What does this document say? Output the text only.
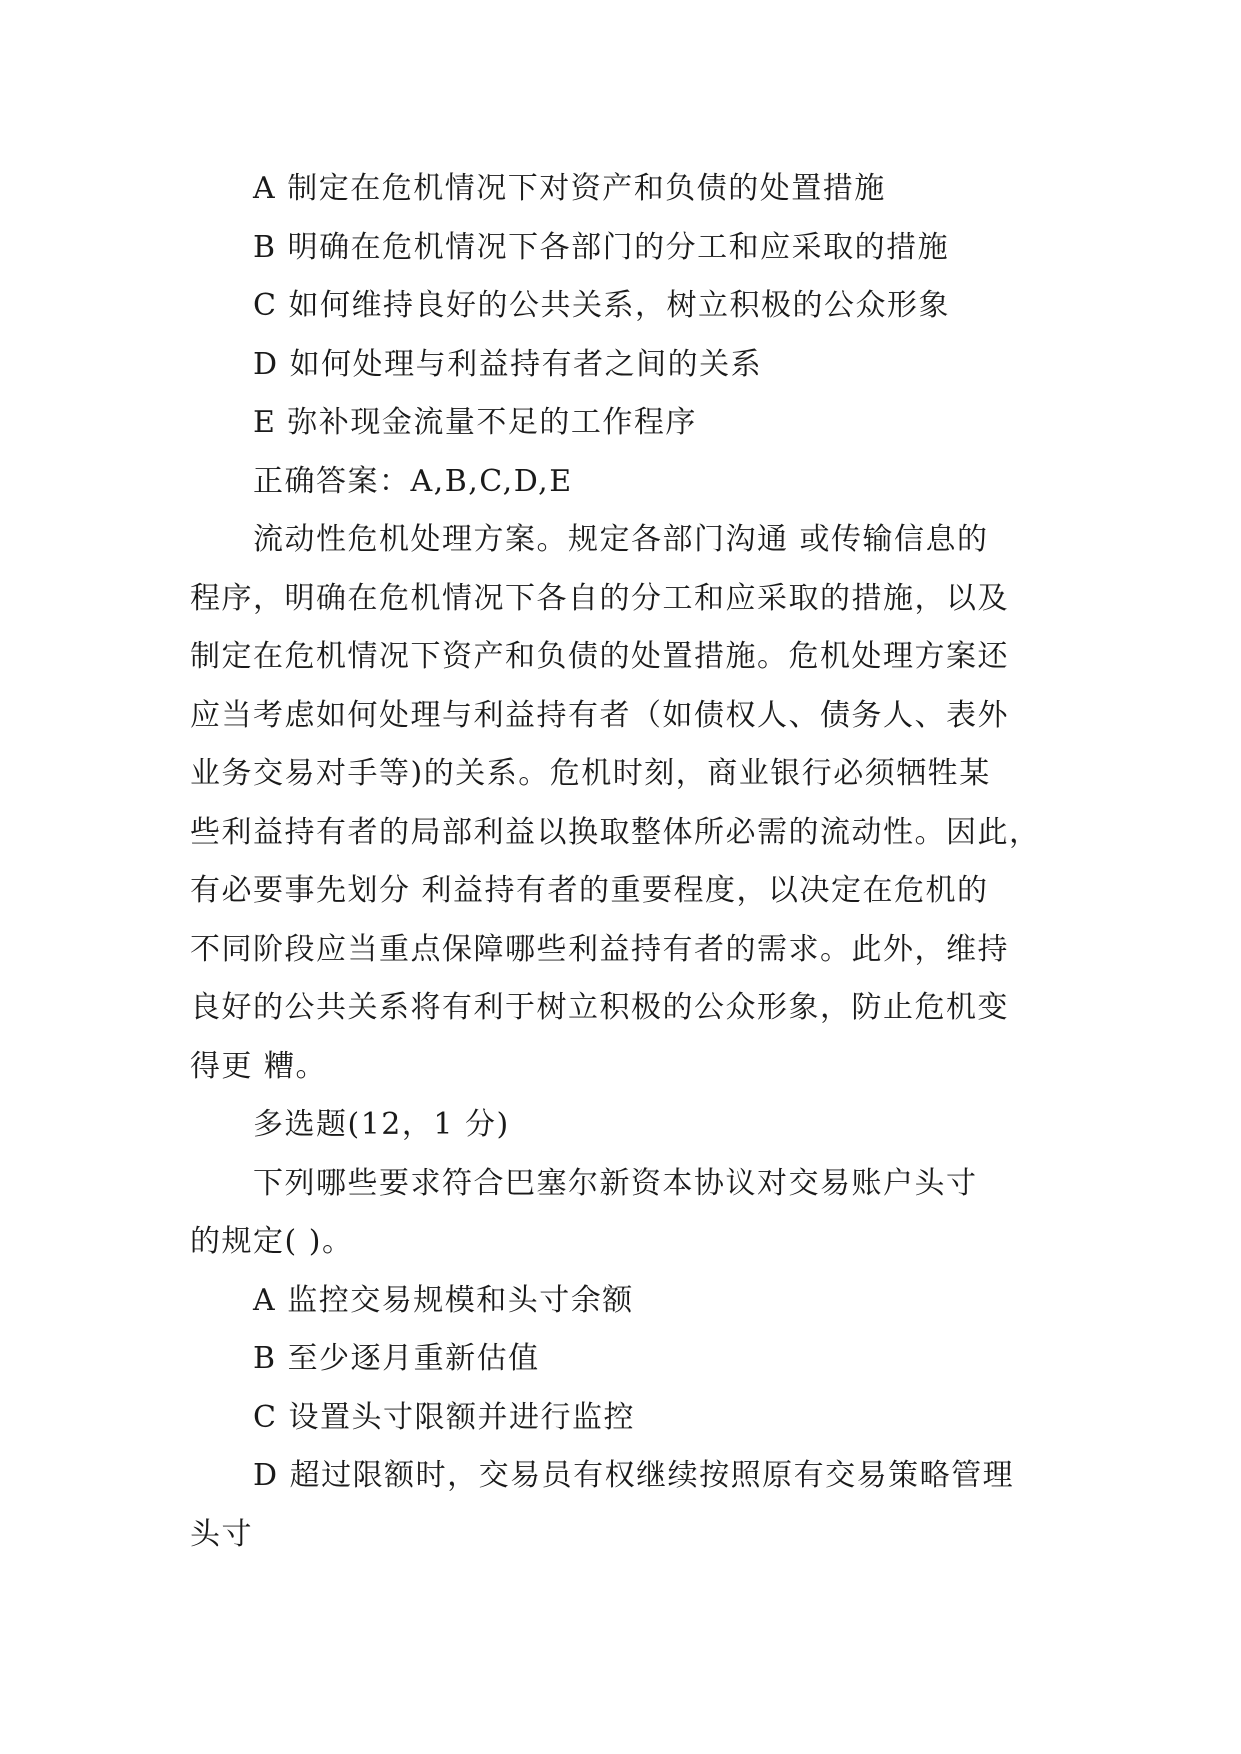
A 制定在危机情况下对资产和负债的处置措施
B 明确在危机情况下各部门的分工和应采取的措施
C 如何维持良好的公共关系，树立积极的公众形象
D 如何处理与利益持有者之间的关系
E 弥补现金流量不足的工作程序
正确答案：A,B,C,D,E
流动性危机处理方案。规定各部门沟通 或传输信息的
程序，明确在危机情况下各自的分工和应采取的措施，以及
制定在危机情况下资产和负债的处置措施。危机处理方案还
应当考虑如何处理与利益持有者（如债权人、债务人、表外
业务交易对手等)的关系。危机时刻，商业银行必须牺牲某
些利益持有者的局部利益以换取整体所必需的流动性。因此，
有必要事先划分 利益持有者的重要程度，以决定在危机的
不同阶段应当重点保障哪些利益持有者的需求。此外，维持
良好的公共关系将有利于树立积极的公众形象，防止危机变
得更 糟。
多选题(12，1 分)
下列哪些要求符合巴塞尔新资本协议对交易账户头寸
的规定( )。
A 监控交易规模和头寸余额
B 至少逐月重新估值
C 设置头寸限额并进行监控
D 超过限额时，交易员有权继续按照原有交易策略管理
头寸
